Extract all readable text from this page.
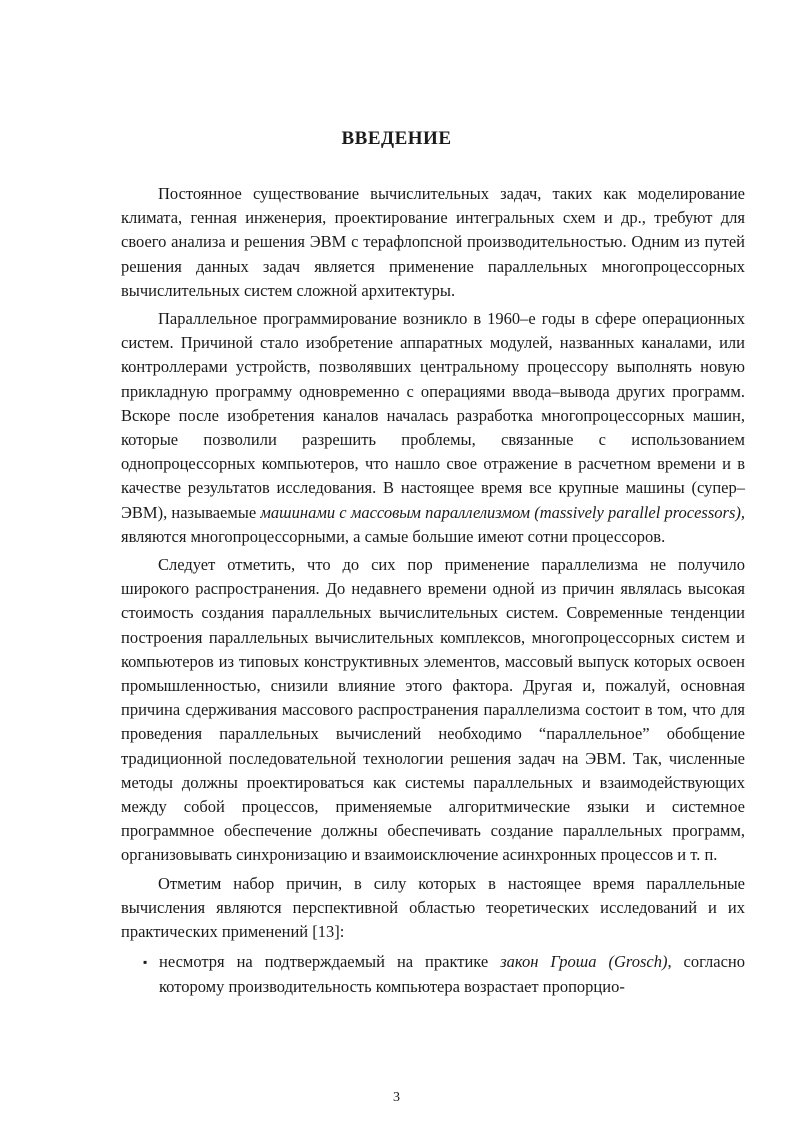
ВВЕДЕНИЕ

Постоянное существование вычислительных задач, таких как моделирование климата, генная инженерия, проектирование интегральных схем и др., требуют для своего анализа и решения ЭВМ с терафлопсной производительностью. Одним из путей решения данных задач является применение параллельных многопроцессорных вычислительных систем сложной архитектуры.

Параллельное программирование возникло в 1960–е годы в сфере операционных систем. Причиной стало изобретение аппаратных модулей, названных каналами, или контроллерами устройств, позволявших центральному процессору выполнять новую прикладную программу одновременно с операциями ввода–вывода других программ. Вскоре после изобретения каналов началась разработка многопроцессорных машин, которые позволили разрешить проблемы, связанные с использованием однопроцессорных компьютеров, что нашло свое отражение в расчетном времени и в качестве результатов исследования. В настоящее время все крупные машины (супер–ЭВМ), называемые машинами с массовым параллелизмом (massively parallel processors), являются многопроцессорными, а самые большие имеют сотни процессоров.

Следует отметить, что до сих пор применение параллелизма не получило широкого распространения. До недавнего времени одной из причин являлась высокая стоимость создания параллельных вычислительных систем. Современные тенденции построения параллельных вычислительных комплексов, многопроцессорных систем и компьютеров из типовых конструктивных элементов, массовый выпуск которых освоен промышленностью, снизили влияние этого фактора. Другая и, пожалуй, основная причина сдерживания массового распространения параллелизма состоит в том, что для проведения параллельных вычислений необходимо “параллельное” обобщение традиционной последовательной технологии решения задач на ЭВМ. Так, численные методы должны проектироваться как системы параллельных и взаимодействующих между собой процессов, применяемые алгоритмические языки и системное программное обеспечение должны обеспечивать создание параллельных программ, организовывать синхронизацию и взаимоисключение асинхронных процессов и т. п.

Отметим набор причин, в силу которых в настоящее время параллельные вычисления являются перспективной областью теоретических исследований и их практических применений [13]:

▪ несмотря на подтверждаемый на практике закон Гроша (Grosch), согласно которому производительность компьютера возрастает пропорцио-
3
